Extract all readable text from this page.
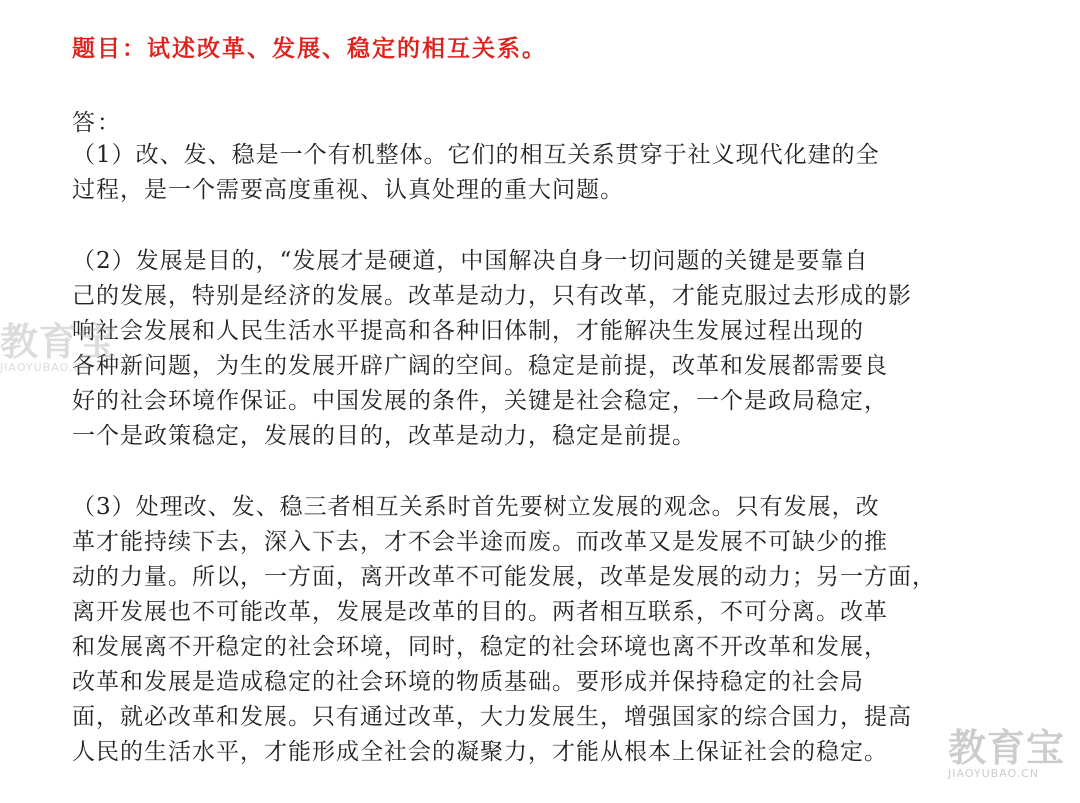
题目：试述改革、发展、稳定的相互关系。
答：
（1）改、发、稳是一个有机整体。它们的相互关系贯穿于社义现代化建的全
过程，是一个需要高度重视、认真处理的重大问题。
（2）发展是目的，“发展才是硬道，中国解决自身一切问题的关键是要靠自
己的发展，特别是经济的发展。改革是动力，只有改革，才能克服过去形成的影
响社会发展和人民生活水平提高和各种旧体制，才能解决生发展过程出现的
各种新问题，为生的发展开辟广阔的空间。稳定是前提，改革和发展都需要良
好的社会环境作保证。中国发展的条件，关键是社会稳定，一个是政局稳定，
一个是政策稳定，发展的目的，改革是动力，稳定是前提。
（3）处理改、发、稳三者相互关系时首先要树立发展的观念。只有发展，改
革才能持续下去，深入下去，才不会半途而废。而改革又是发展不可缺少的推
动的力量。所以，一方面，离开改革不可能发展，改革是发展的动力；另一方面，
离开发展也不可能改革，发展是改革的目的。两者相互联系，不可分离。改革
和发展离不开稳定的社会环境，同时，稳定的社会环境也离不开改革和发展，
改革和发展是造成稳定的社会环境的物质基础。要形成并保持稳定的社会局
面，就必改革和发展。只有通过改革，大力发展生，增强国家的综合国力，提高
人民的生活水平，才能形成全社会的凝聚力，才能从根本上保证社会的稳定。
教育宝
JIAOYUBAO.CN
教育宝
JIAOYUBAO.CN
